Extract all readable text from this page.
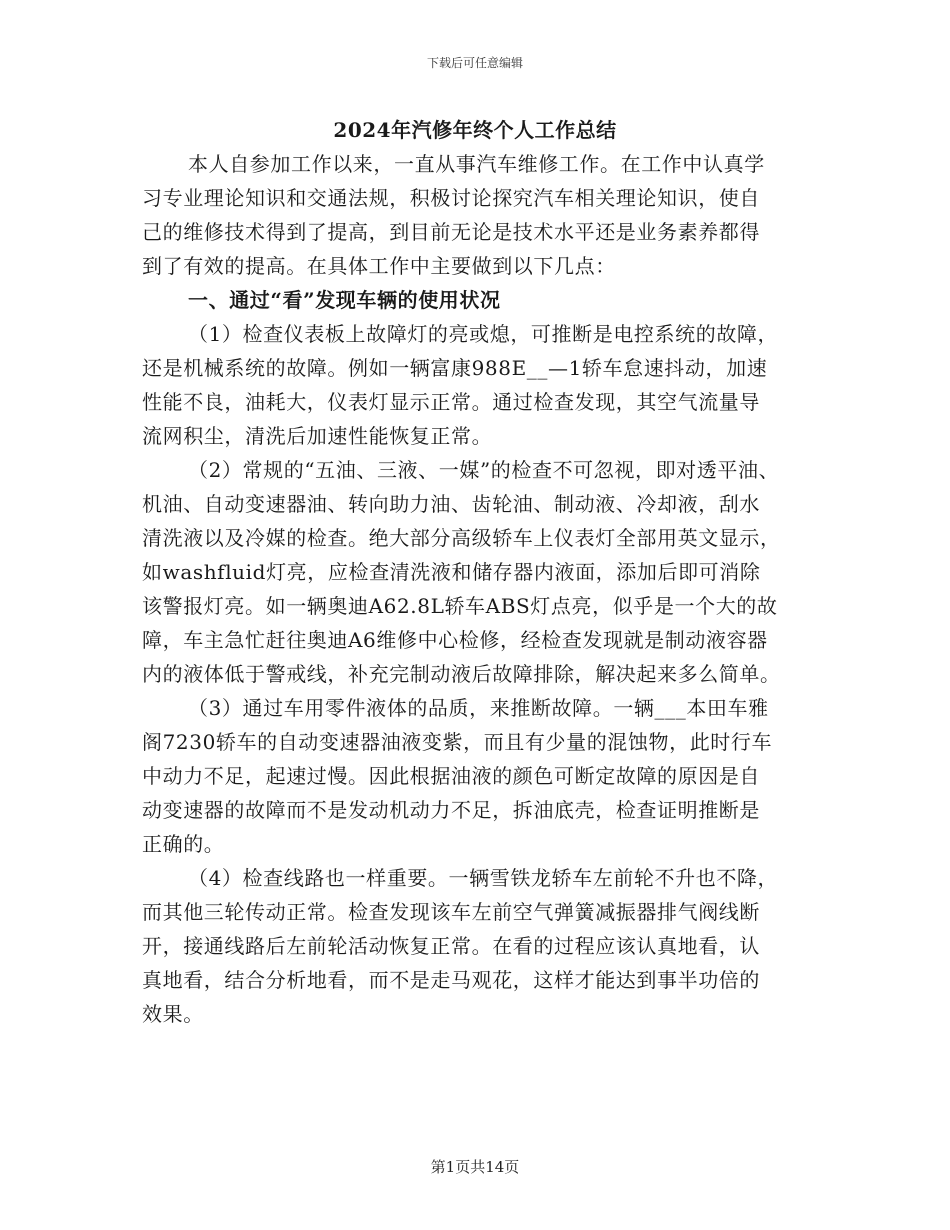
下载后可任意编辑
2024年汽修年终个人工作总结
本人自参加工作以来，一直从事汽车维修工作。在工作中认真学
习专业理论知识和交通法规，积极讨论探究汽车相关理论知识，使自
己的维修技术得到了提高，到目前无论是技术水平还是业务素养都得
到了有效的提高。在具体工作中主要做到以下几点：
一、通过“看”发现车辆的使用状况
（1）检查仪表板上故障灯的亮或熄，可推断是电控系统的故障，
还是机械系统的故障。例如一辆富康988E__—1轿车怠速抖动，加速
性能不良，油耗大，仪表灯显示正常。通过检查发现，其空气流量导
流网积尘，清洗后加速性能恢复正常。
（2）常规的“五油、三液、一媒”的检查不可忽视，即对透平油、
机油、自动变速器油、转向助力油、齿轮油、制动液、冷却液，刮水
清洗液以及冷媒的检查。绝大部分高级轿车上仪表灯全部用英文显示，
如washfluid灯亮，应检查清洗液和储存器内液面，添加后即可消除
该警报灯亮。如一辆奥迪A62.8L轿车ABS灯点亮，似乎是一个大的故
障，车主急忙赶往奥迪A6维修中心检修，经检查发现就是制动液容器
内的液体低于警戒线，补充完制动液后故障排除，解决起来多么简单。
（3）通过车用零件液体的品质，来推断故障。一辆___本田车雅
阁7230轿车的自动变速器油液变紫，而且有少量的混蚀物，此时行车
中动力不足，起速过慢。因此根据油液的颜色可断定故障的原因是自
动变速器的故障而不是发动机动力不足，拆油底壳，检查证明推断是
正确的。
（4）检查线路也一样重要。一辆雪铁龙轿车左前轮不升也不降，
而其他三轮传动正常。检查发现该车左前空气弹簧减振器排气阀线断
开，接通线路后左前轮活动恢复正常。在看的过程应该认真地看，认
真地看，结合分析地看，而不是走马观花，这样才能达到事半功倍的
效果。
第1页共14页
